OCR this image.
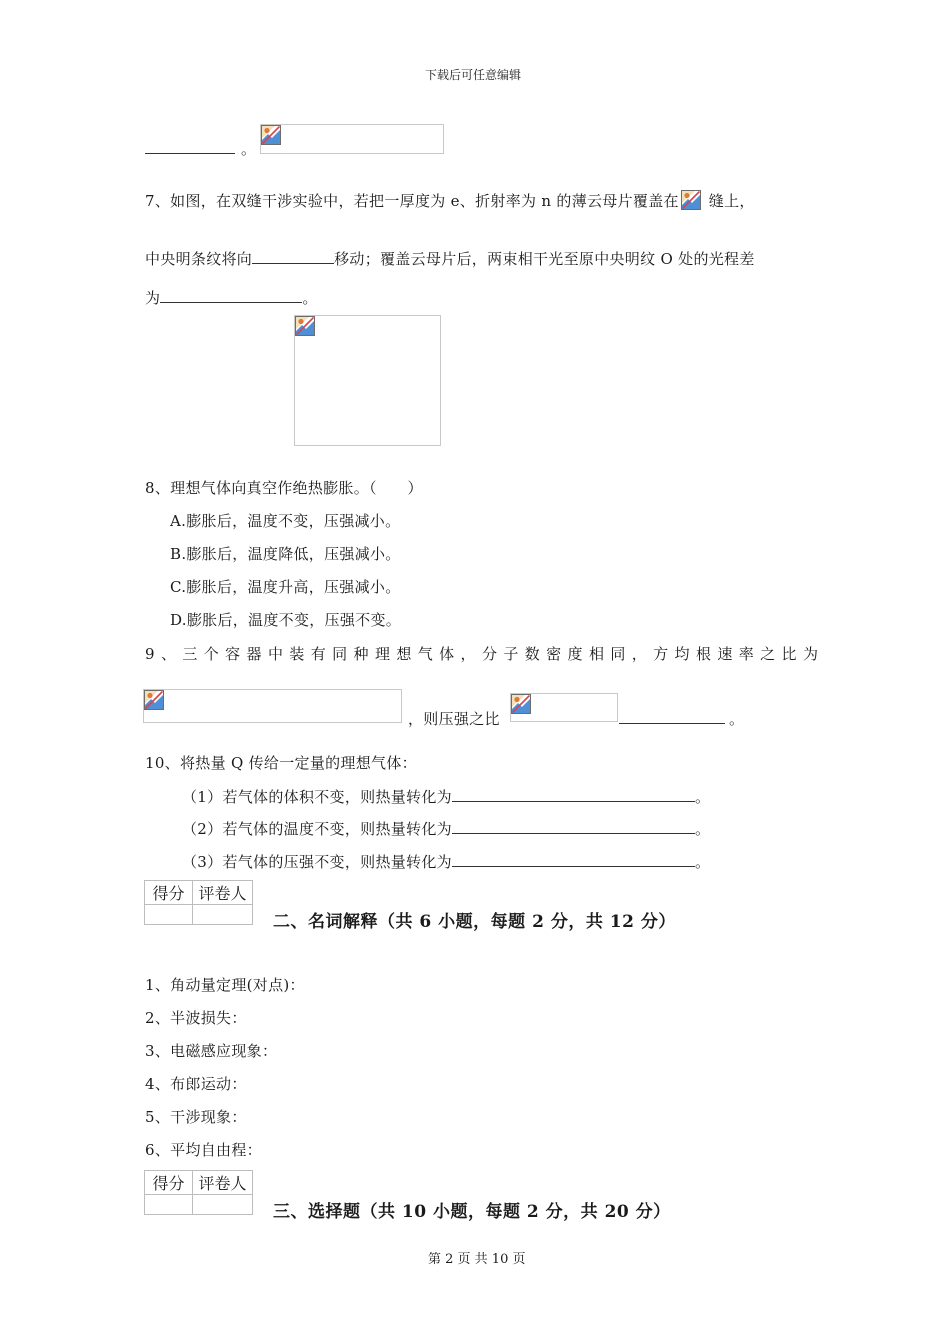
下载后可任意编辑
。
7、如图，在双缝干涉实验中，若把一厚度为 e、折射率为 n 的薄云母片覆盖在 缝上，
中央明条纹将向	移动；覆盖云母片后，两束相干光至原中央明纹 O 处的光程差
为	。
8、理想气体向真空作绝热膨胀。（　　）
A.膨胀后，温度不变，压强减小。
B.膨胀后，温度降低，压强减小。
C.膨胀后，温度升高，压强减小。
D.膨胀后，温度不变，压强不变。
9、三个容器中装有同种理想气体，分子数密度相同，方均根速率之比为
，则压强之比	。
10、将热量 Q 传给一定量的理想气体：
（1）若气体的体积不变，则热量转化为	。
（2）若气体的温度不变，则热量转化为	。
（3）若气体的压强不变，则热量转化为	。
得分	评卷人

二、名词解释（共 6 小题，每题 2 分，共 12 分）
1、角动量定理(对点)：
2、半波损失：
3、电磁感应现象：
4、布郎运动：
5、干涉现象：
6、平均自由程：
得分	评卷人

三、选择题（共 10 小题，每题 2 分，共 20 分）
第 2 页 共 10 页
